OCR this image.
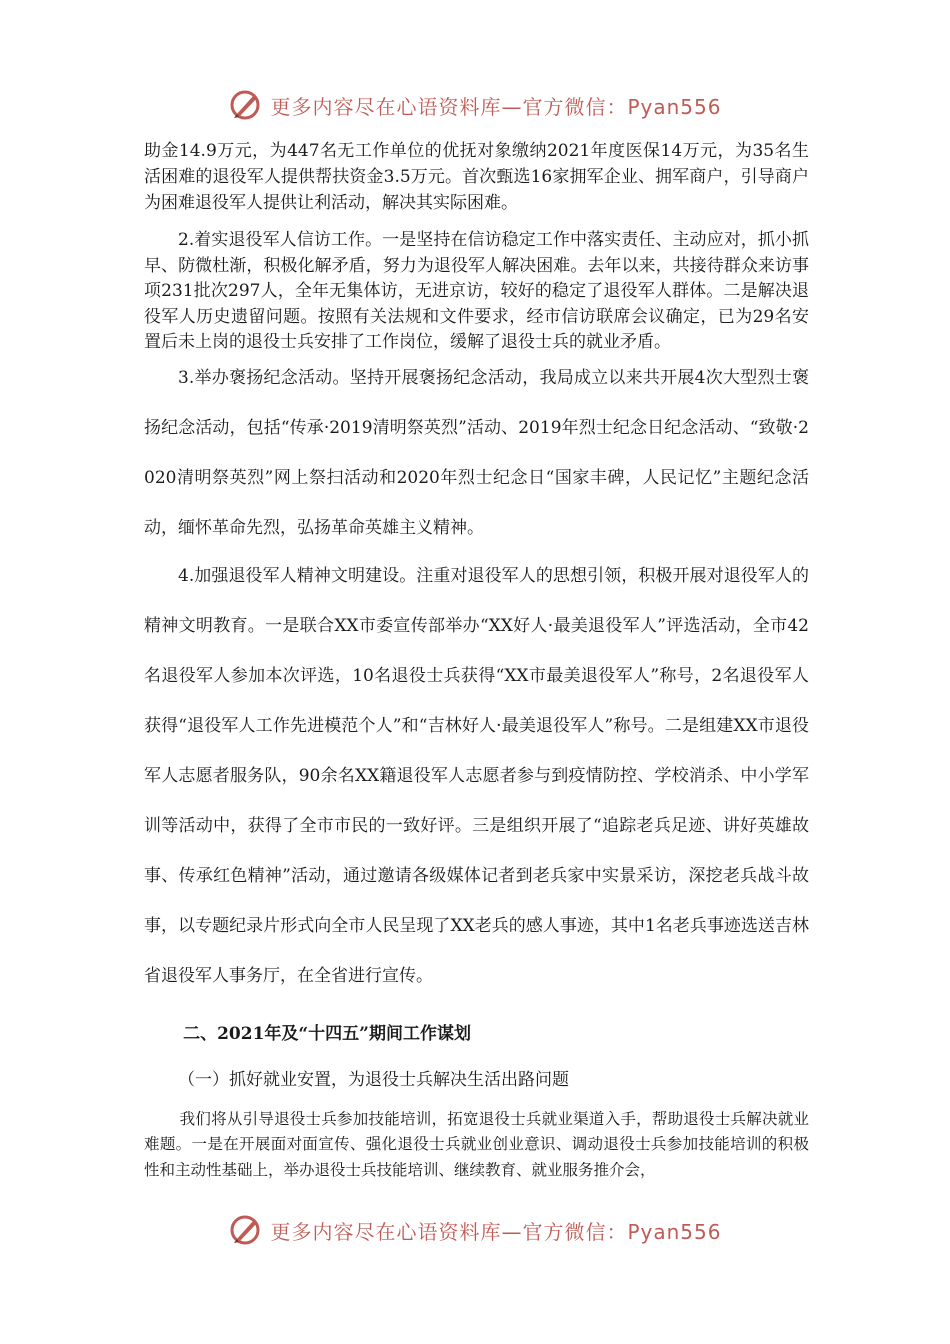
更多内容尽在心语资料库—官方微信：Pyan556

助金14.9万元，为447名无工作单位的优抚对象缴纳2021年度医保14万元，为35名生活困难的退役军人提供帮扶资金3.5万元。首次甄选16家拥军企业、拥军商户，引导商户为困难退役军人提供让利活动，解决其实际困难。

2.着实退役军人信访工作。一是坚持在信访稳定工作中落实责任、主动应对，抓小抓早、防微杜渐，积极化解矛盾，努力为退役军人解决困难。去年以来，共接待群众来访事项231批次297人，全年无集体访，无进京访，较好的稳定了退役军人群体。二是解决退役军人历史遗留问题。按照有关法规和文件要求，经市信访联席会议确定，已为29名安置后未上岗的退役士兵安排了工作岗位，缓解了退役士兵的就业矛盾。

3.举办褒扬纪念活动。坚持开展褒扬纪念活动，我局成立以来共开展4次大型烈士褒扬纪念活动，包括“传承·2019清明祭英烈”活动、2019年烈士纪念日纪念活动、“致敬·2020清明祭英烈”网上祭扫活动和2020年烈士纪念日“国家丰碑，人民记忆”主题纪念活动，缅怀革命先烈，弘扬革命英雄主义精神。

4.加强退役军人精神文明建设。注重对退役军人的思想引领，积极开展对退役军人的精神文明教育。一是联合XX市委宣传部举办“XX好人·最美退役军人”评选活动，全市42名退役军人参加本次评选，10名退役士兵获得“XX市最美退役军人”称号，2名退役军人获得“退役军人工作先进模范个人”和“吉林好人·最美退役军人”称号。二是组建XX市退役军人志愿者服务队，90余名XX籍退役军人志愿者参与到疫情防控、学校消杀、中小学军训等活动中，获得了全市市民的一致好评。三是组织开展了“追踪老兵足迹、讲好英雄故事、传承红色精神”活动，通过邀请各级媒体记者到老兵家中实景采访，深挖老兵战斗故事，以专题纪录片形式向全市人民呈现了XX老兵的感人事迹，其中1名老兵事迹选送吉林省退役军人事务厅，在全省进行宣传。

二、2021年及“十四五”期间工作谋划

（一）抓好就业安置，为退役士兵解决生活出路问题

我们将从引导退役士兵参加技能培训，拓宽退役士兵就业渠道入手，帮助退役士兵解决就业难题。一是在开展面对面宣传、强化退役士兵就业创业意识、调动退役士兵参加技能培训的积极性和主动性基础上，举办退役士兵技能培训、继续教育、就业服务推介会，

更多内容尽在心语资料库—官方微信：Pyan556
